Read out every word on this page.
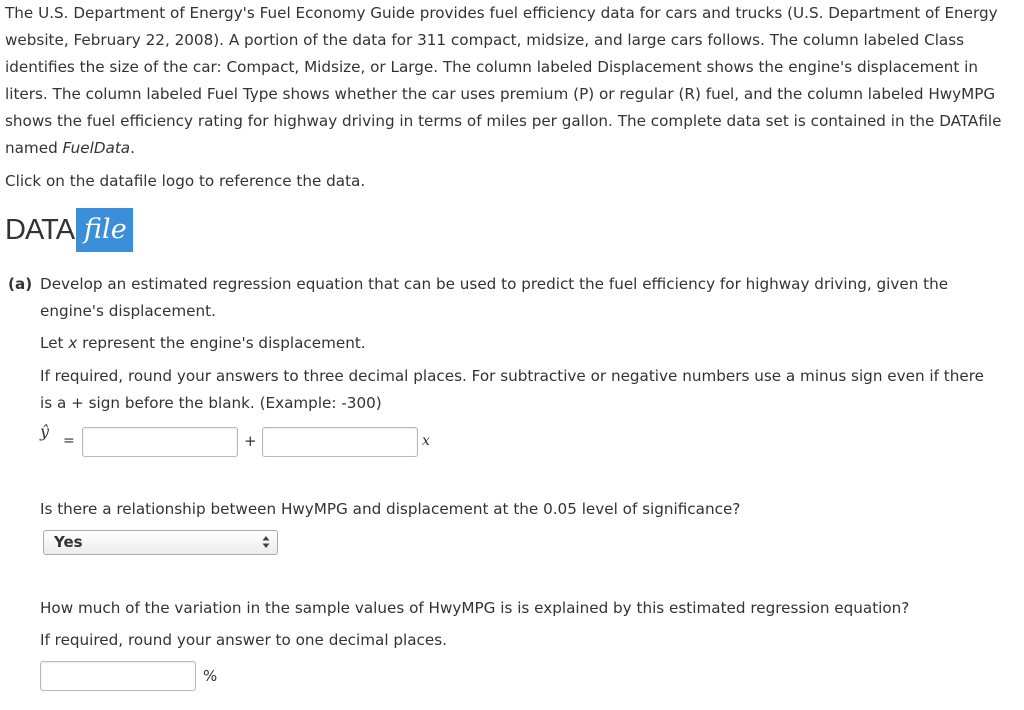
The U.S. Department of Energy's Fuel Economy Guide provides fuel efficiency data for cars and trucks (U.S. Department of Energy website, February 22, 2008). A portion of the data for 311 compact, midsize, and large cars follows. The column labeled Class identifies the size of the car: Compact, Midsize, or Large. The column labeled Displacement shows the engine's displacement in liters. The column labeled Fuel Type shows whether the car uses premium (P) or regular (R) fuel, and the column labeled HwyMPG shows the fuel efficiency rating for highway driving in terms of miles per gallon. The complete data set is contained in the DATAfile named FuelData.

Click on the datafile logo to reference the data.

DATA file
(a) Develop an estimated regression equation that can be used to predict the fuel efficiency for highway driving, given the engine's displacement.

Let x represent the engine's displacement.

If required, round your answers to three decimal places. For subtractive or negative numbers use a minus sign even if there is a + sign before the blank. (Example: -300)

ŷ =	+	x

Is there a relationship between HwyMPG and displacement at the 0.05 level of significance?

Yes

How much of the variation in the sample values of HwyMPG is is explained by this estimated regression equation?

If required, round your answer to one decimal places.

%
